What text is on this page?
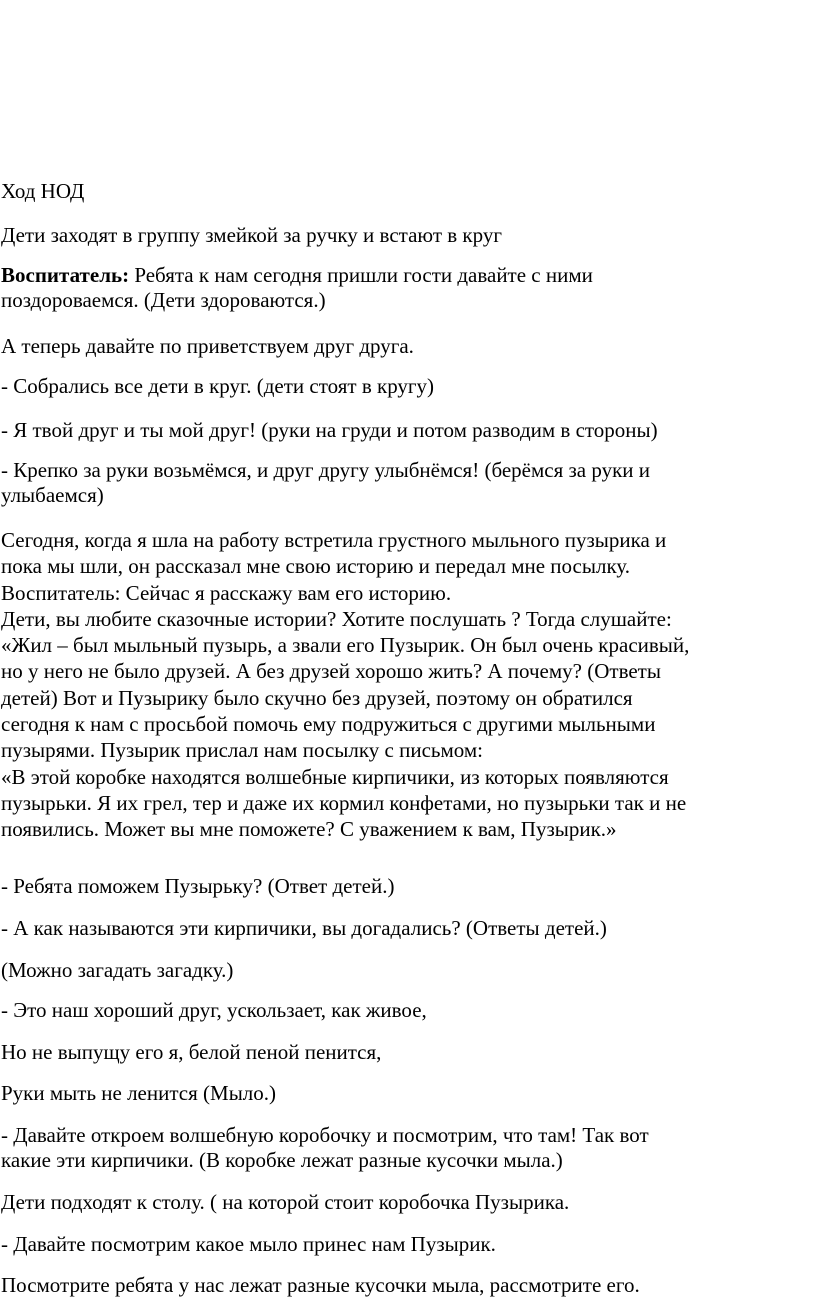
Ход НОД

Дети заходят в группу змейкой за ручку и встают в круг

Воспитатель: Ребята к нам сегодня пришли гости давайте с ними
поздороваемся. (Дети здороваются.)

А теперь давайте по приветствуем друг друга.

- Собрались все дети в круг. (дети стоят в кругу)

- Я твой друг и ты мой друг! (руки на груди и потом разводим в стороны)

- Крепко за руки возьмёмся, и друг другу улыбнёмся! (берёмся за руки и
улыбаемся)

Сегодня, когда я шла на работу встретила грустного мыльного пузырика и
пока мы шли, он рассказал мне свою историю и передал мне посылку.
Воспитатель: Сейчас я расскажу вам его историю.
Дети, вы любите сказочные истории? Хотите послушать ? Тогда слушайте:
«Жил – был мыльный пузырь, а звали его Пузырик. Он был очень красивый,
но у него не было друзей. А без друзей хорошо жить? А почему? (Ответы
детей) Вот и Пузырику было скучно без друзей, поэтому он обратился
сегодня к нам с просьбой помочь ему подружиться с другими мыльными
пузырями. Пузырик прислал нам посылку с письмом:
«В этой коробке находятся волшебные кирпичики, из которых появляются
пузырьки. Я их грел, тер и даже их кормил конфетами, но пузырьки так и не
появились. Может вы мне поможете? С уважением к вам, Пузырик.»

- Ребята поможем Пузырьку? (Ответ детей.)

- А как называются эти кирпичики, вы догадались? (Ответы детей.)

(Можно загадать загадку.)

- Это наш хороший друг, ускользает, как живое,

Но не выпущу его я, белой пеной пенится,

Руки мыть не ленится (Мыло.)

- Давайте откроем волшебную коробочку и посмотрим, что там! Так вот
какие эти кирпичики. (В коробке лежат разные кусочки мыла.)

Дети подходят к столу. ( на которой стоит коробочка Пузырика.

- Давайте посмотрим какое мыло принес нам Пузырик.

Посмотрите ребята у нас лежат разные кусочки мыла, рассмотрите его.
